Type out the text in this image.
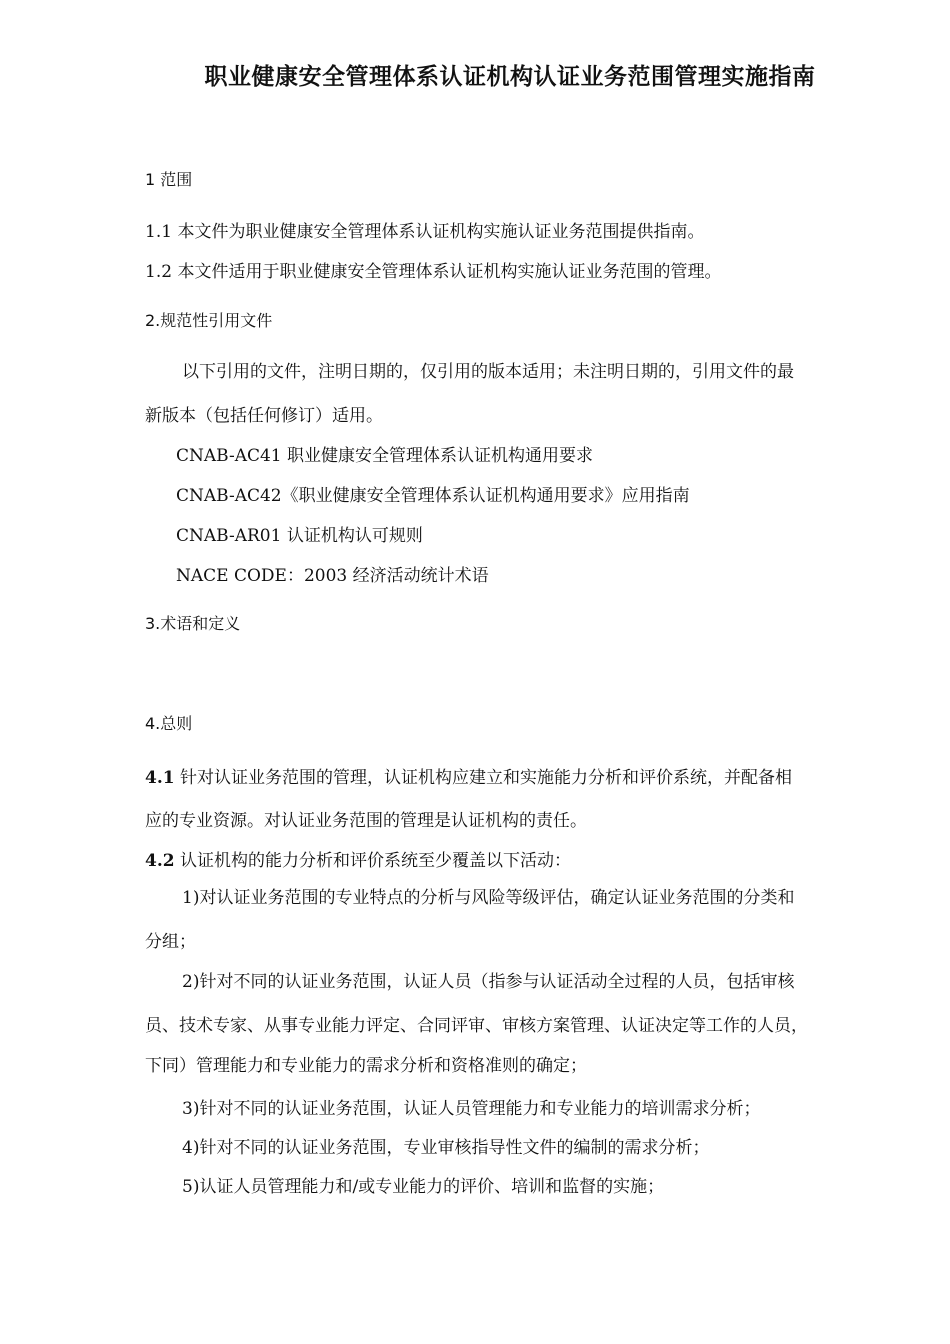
职业健康安全管理体系认证机构认证业务范围管理实施指南
1 范围
1.1 本文件为职业健康安全管理体系认证机构实施认证业务范围提供指南。
1.2 本文件适用于职业健康安全管理体系认证机构实施认证业务范围的管理。
2.规范性引用文件
以下引用的文件，注明日期的，仅引用的版本适用；未注明日期的，引用文件的最
新版本（包括任何修订）适用。
CNAB-AC41 职业健康安全管理体系认证机构通用要求
CNAB-AC42《职业健康安全管理体系认证机构通用要求》应用指南
CNAB-AR01 认证机构认可规则
NACE CODE：2003 经济活动统计术语
3.术语和定义
4.总则
4.1 针对认证业务范围的管理，认证机构应建立和实施能力分析和评价系统，并配备相
应的专业资源。对认证业务范围的管理是认证机构的责任。
4.2 认证机构的能力分析和评价系统至少覆盖以下活动：
1)对认证业务范围的专业特点的分析与风险等级评估，确定认证业务范围的分类和
分组；
2)针对不同的认证业务范围，认证人员（指参与认证活动全过程的人员，包括审核
员、技术专家、从事专业能力评定、合同评审、审核方案管理、认证决定等工作的人员，
下同）管理能力和专业能力的需求分析和资格准则的确定；
3)针对不同的认证业务范围，认证人员管理能力和专业能力的培训需求分析；
4)针对不同的认证业务范围，专业审核指导性文件的编制的需求分析；
5)认证人员管理能力和/或专业能力的评价、培训和监督的实施；
